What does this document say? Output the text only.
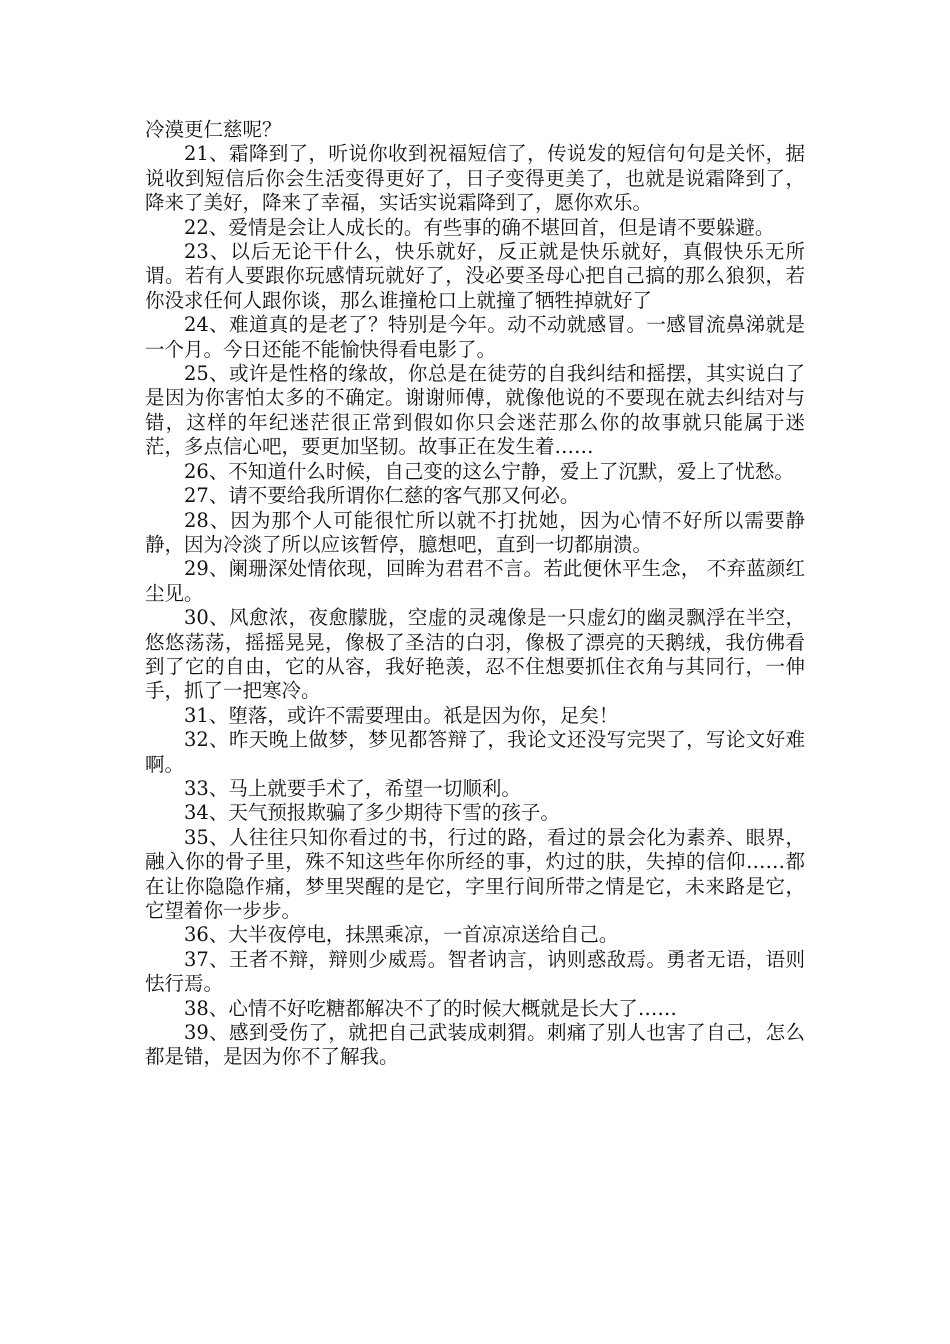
冷漠更仁慈呢？

21、霜降到了，听说你收到祝福短信了，传说发的短信句句是关怀，据说收到短信后你会生活变得更好了，日子变得更美了，也就是说霜降到了，降来了美好，降来了幸福，实话实说霜降到了，愿你欢乐。

22、爱情是会让人成长的。有些事的确不堪回首，但是请不要躲避。

23、以后无论干什么，快乐就好，反正就是快乐就好，真假快乐无所谓。若有人要跟你玩感情玩就好了，没必要圣母心把自己搞的那么狼狈，若你没求任何人跟你谈，那么谁撞枪口上就撞了牺牲掉就好了

24、难道真的是老了？特别是今年。动不动就感冒。一感冒流鼻涕就是一个月。今日还能不能愉快得看电影了。

25、或许是性格的缘故，你总是在徒劳的自我纠结和摇摆，其实说白了是因为你害怕太多的不确定。谢谢师傅，就像他说的不要现在就去纠结对与错，这样的年纪迷茫很正常到假如你只会迷茫那么你的故事就只能属于迷茫，多点信心吧，要更加坚韧。故事正在发生着……

26、不知道什么时候，自己变的这么宁静，爱上了沉默，爱上了忧愁。

27、请不要给我所谓你仁慈的客气那又何必。

28、因为那个人可能很忙所以就不打扰她，因为心情不好所以需要静静，因为冷淡了所以应该暂停，臆想吧，直到一切都崩溃。

29、阑珊深处情依现，回眸为君君不言。若此便休平生念， 不弃蓝颜红尘见。

30、风愈浓，夜愈朦胧，空虚的灵魂像是一只虚幻的幽灵飘浮在半空，悠悠荡荡，摇摇晃晃，像极了圣洁的白羽，像极了漂亮的天鹅绒，我仿佛看到了它的自由，它的从容，我好艳羡，忍不住想要抓住衣角与其同行，一伸手，抓了一把寒冷。

31、堕落，或许不需要理由。祇是因为你，足矣！

32、昨天晚上做梦，梦见都答辩了，我论文还没写完哭了，写论文好难啊。

33、马上就要手术了，希望一切顺利。

34、天气预报欺骗了多少期待下雪的孩子。

35、人往往只知你看过的书，行过的路，看过的景会化为素养、眼界，融入你的骨子里，殊不知这些年你所经的事，灼过的肤，失掉的信仰……都在让你隐隐作痛，梦里哭醒的是它，字里行间所带之情是它，未来路是它，它望着你一步步。

36、大半夜停电，抹黑乘凉，一首凉凉送给自己。

37、王者不辩，辩则少威焉。智者讷言，讷则惑敌焉。勇者无语，语则怯行焉。

38、心情不好吃糖都解决不了的时候大概就是长大了……

39、感到受伤了，就把自己武装成刺猬。刺痛了别人也害了自己，怎么都是错，是因为你不了解我。
